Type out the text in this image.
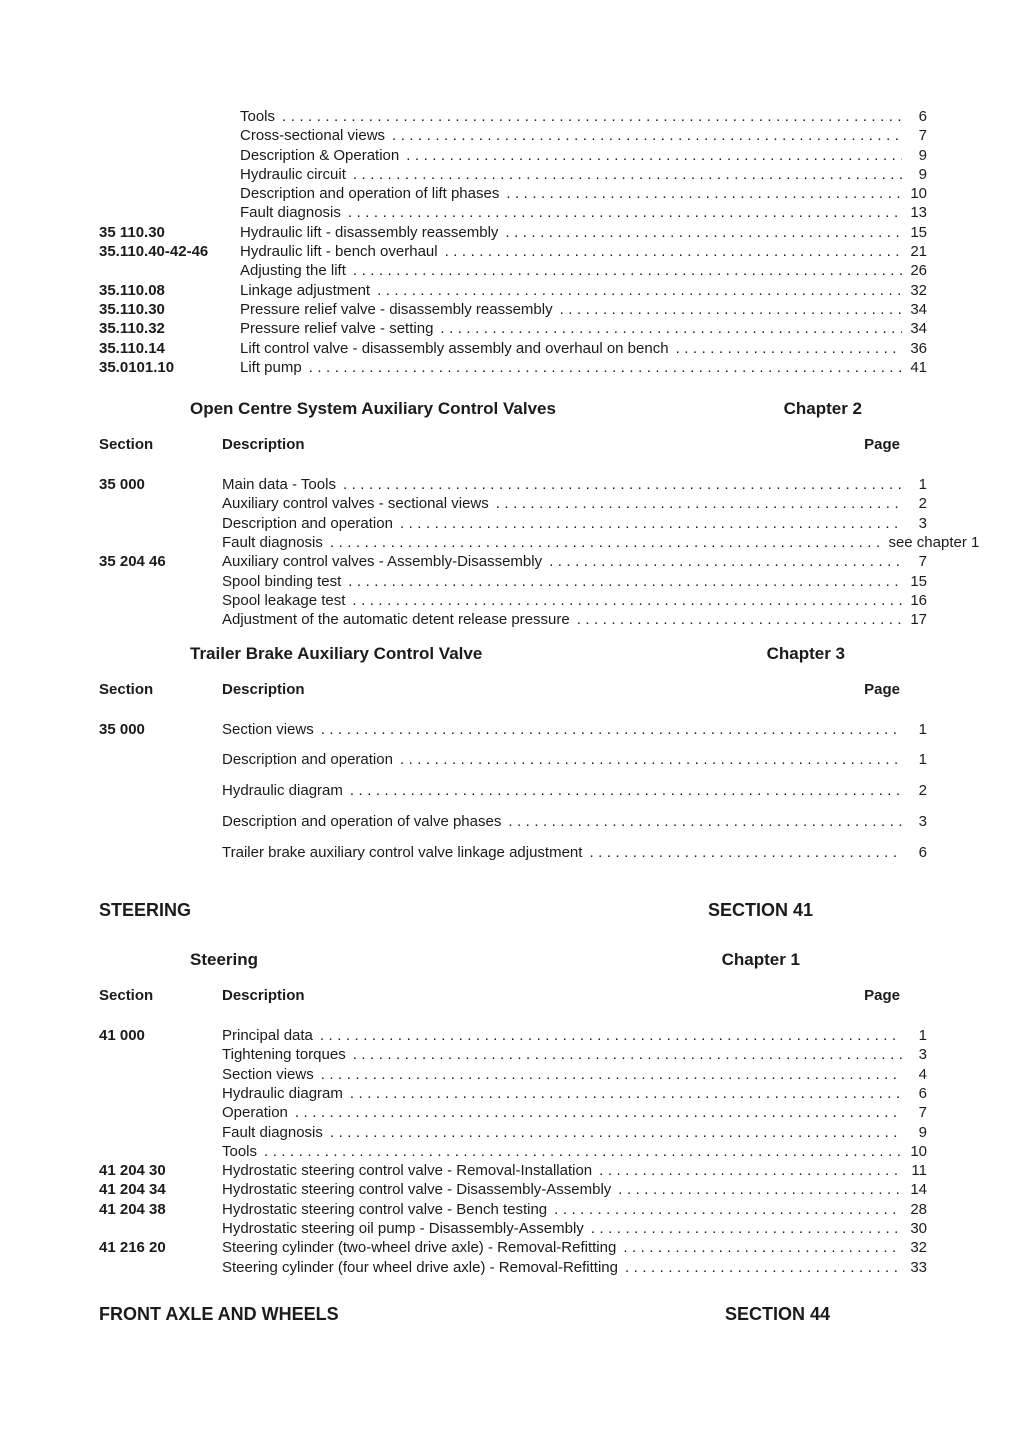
Tools .....	6
Cross-sectional views .....	7
Description & Operation .....	9
Hydraulic circuit .....	9
Description and operation of lift phases .....	10
Fault diagnosis .....	13
35 110.30	Hydraulic lift - disassembly reassembly .....	15
35.110.40-42-46	Hydraulic lift - bench overhaul .....	21
Adjusting the lift .....	26
35.110.08	Linkage adjustment .....	32
35.110.30	Pressure relief valve - disassembly reassembly .....	34
35.110.32	Pressure relief valve - setting .....	34
35.110.14	Lift control valve - disassembly assembly and overhaul on bench .....	36
35.0101.10	Lift pump .....	41
Open Centre System Auxiliary Control Valves	Chapter 2
Section	Description	Page
35 000	Main data - Tools .....	1
Auxiliary control valves - sectional views .....	2
Description and operation .....	3
Fault diagnosis .....	see chapter 1
35 204 46	Auxiliary control valves - Assembly-Disassembly .....	7
Spool binding test .....	15
Spool leakage test .....	16
Adjustment of the automatic detent release pressure .....	17
Trailer Brake Auxiliary Control Valve	Chapter 3
Section	Description	Page
35 000	Section views .....	1
Description and operation .....	1
Hydraulic diagram .....	2
Description and operation of valve phases .....	3
Trailer brake auxiliary control valve linkage adjustment .....	6
STEERING	SECTION 41
Steering	Chapter 1
Section	Description	Page
41 000	Principal data .....	1
Tightening torques .....	3
Section views .....	4
Hydraulic diagram .....	6
Operation .....	7
Fault diagnosis .....	9
Tools .....	10
41 204 30	Hydrostatic steering control valve - Removal-Installation .....	11
41 204 34	Hydrostatic steering control valve - Disassembly-Assembly .....	14
41 204 38	Hydrostatic steering control valve - Bench testing .....	28
Hydrostatic steering oil pump - Disassembly-Assembly .....	30
41 216 20	Steering cylinder (two-wheel drive axle) - Removal-Refitting .....	32
Steering cylinder (four wheel drive axle) - Removal-Refitting .....	33
FRONT AXLE AND WHEELS	SECTION 44
